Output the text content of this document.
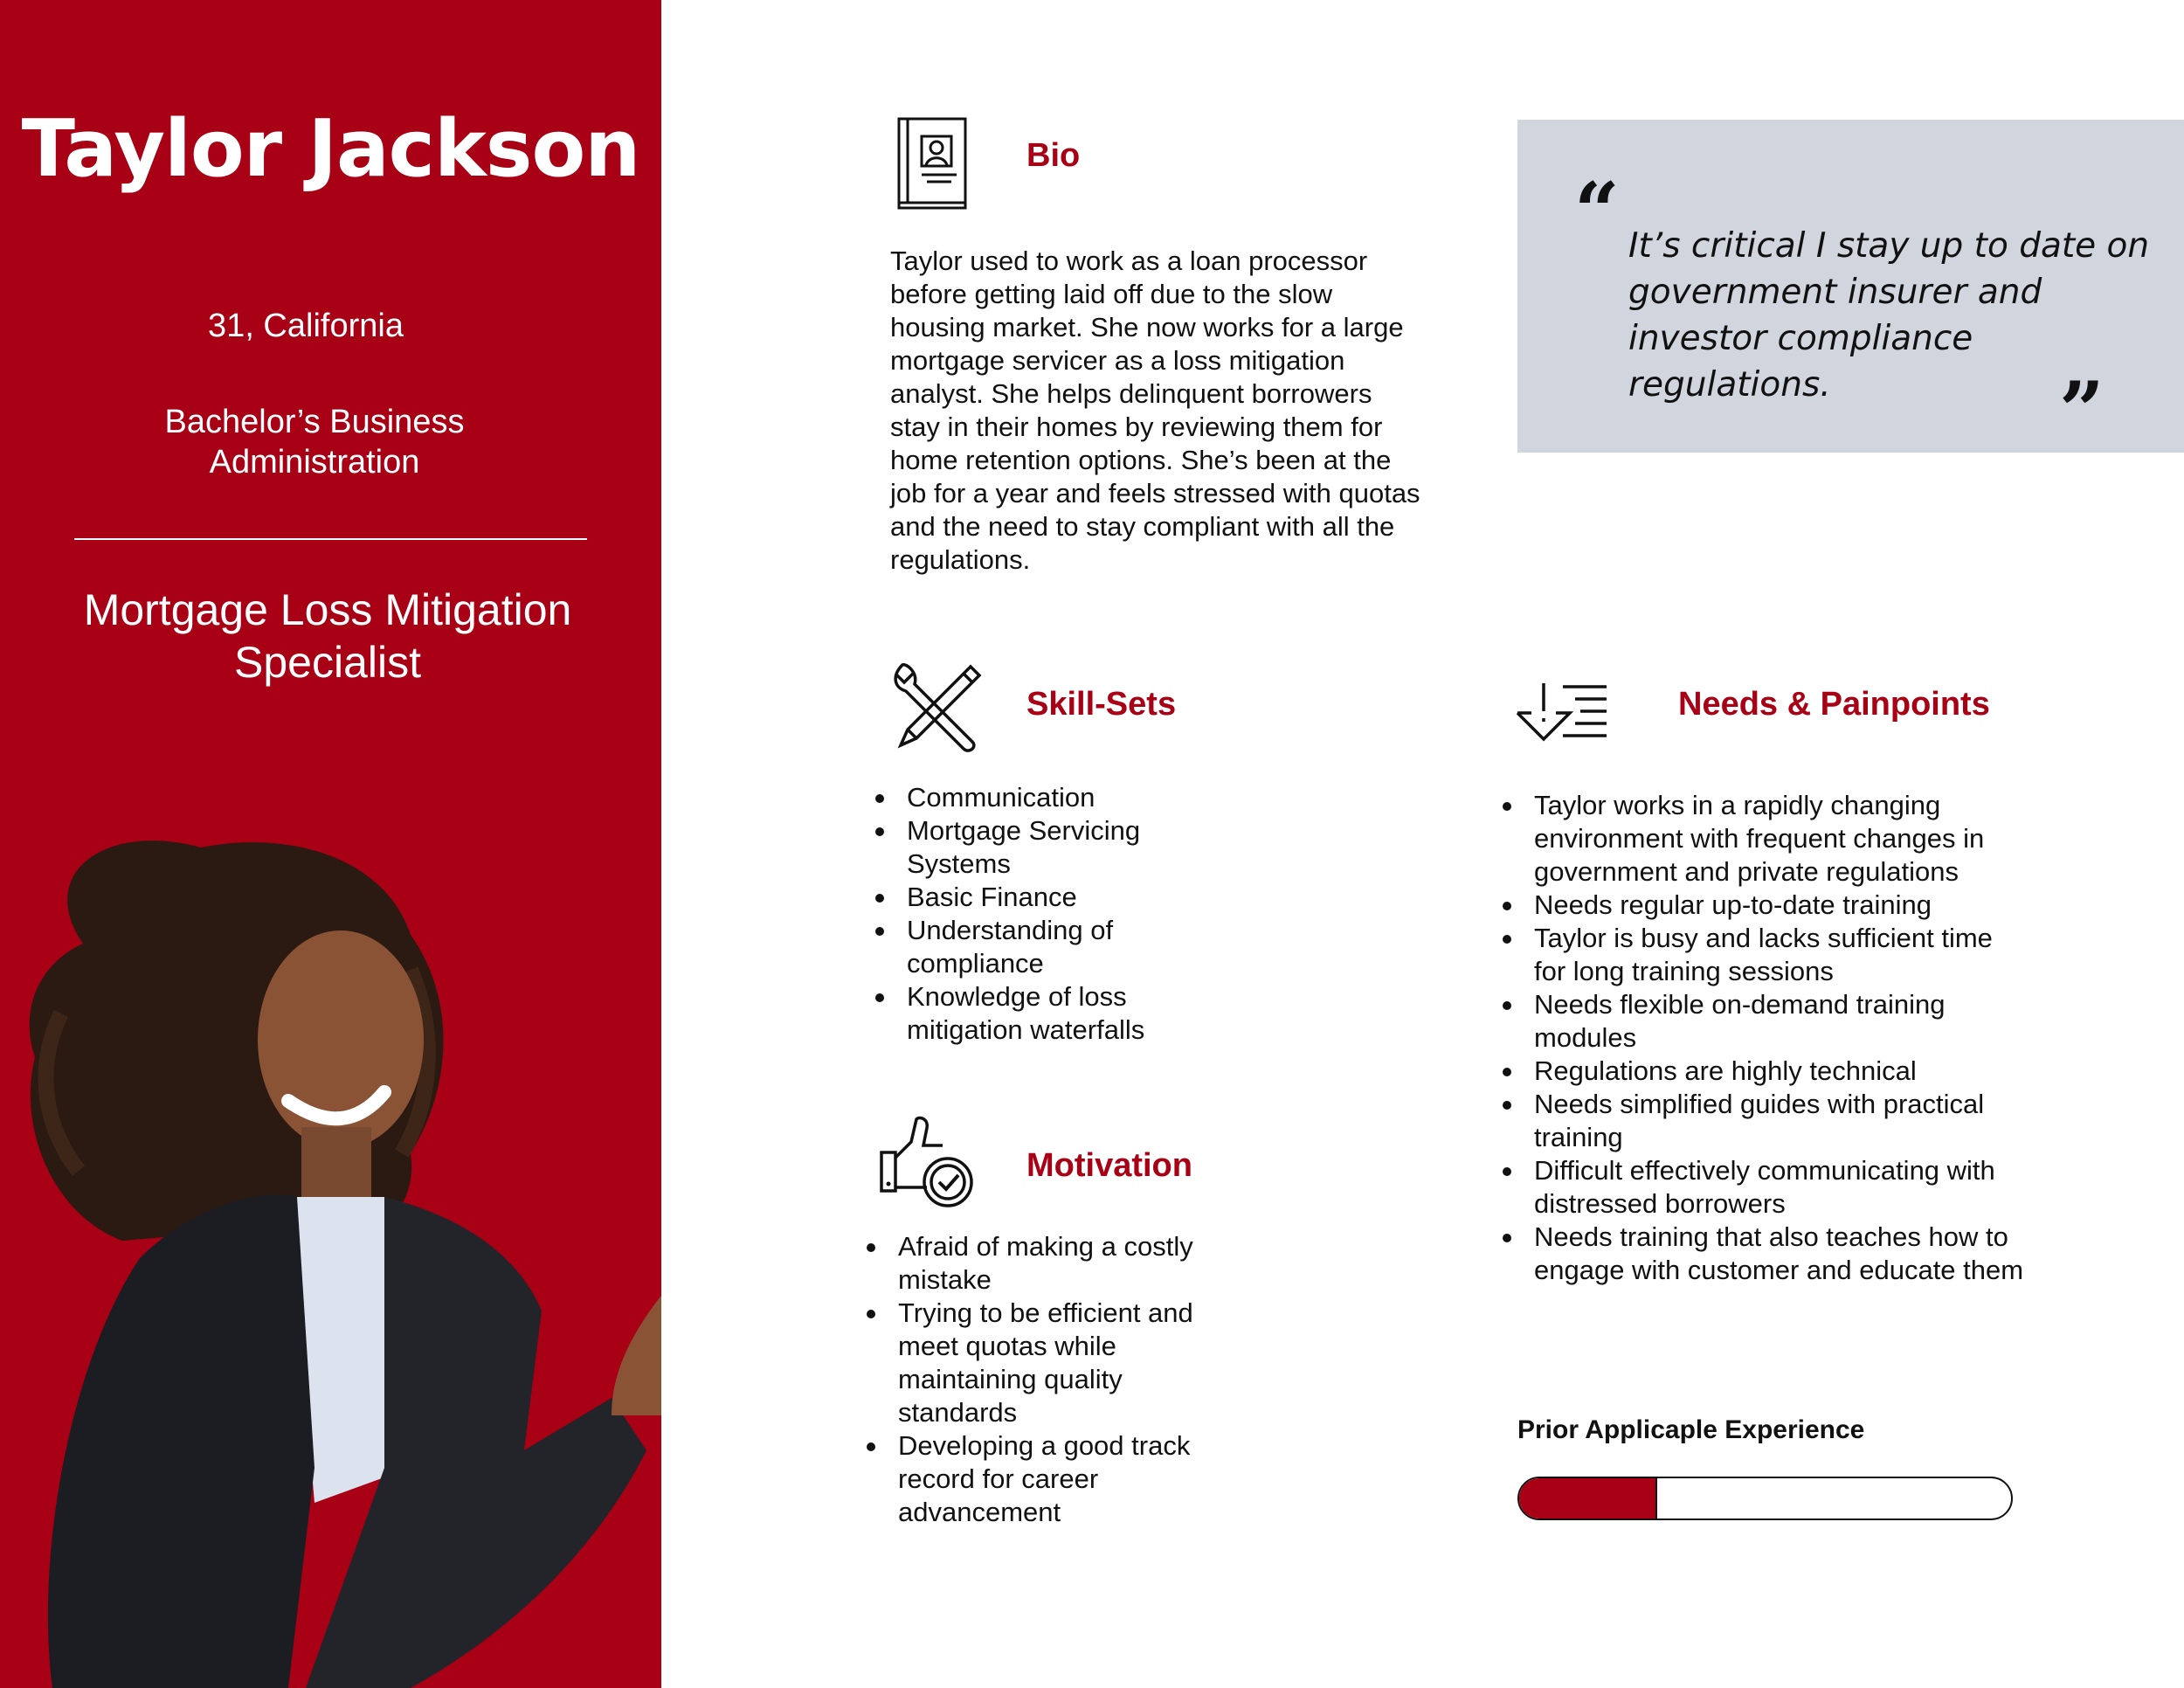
Taylor Jackson
31, California
Bachelor’s Business Administration
Mortgage Loss Mitigation Specialist
Bio
Taylor used to work as a loan processor before getting laid off due to the slow housing market. She now works for a large mortgage servicer as a loss mitigation analyst. She helps delinquent borrowers stay in their homes by reviewing them for home retention options. She’s been at the job for a year and feels stressed with quotas and the need to stay compliant with all the regulations.
“ It’s critical I stay up to date on government insurer and investor compliance regulations.	”
Skill-Sets
Communication
Mortgage Servicing Systems
Basic Finance
Understanding of compliance
Knowledge of loss mitigation waterfalls
Needs & Painpoints
Taylor works in a rapidly changing environment with frequent changes in government and private regulations
Needs regular up-to-date training
Taylor is busy and lacks sufficient time for long training sessions
Needs flexible on-demand training modules
Regulations are highly technical
Needs simplified guides with practical training
Difficult effectively communicating with distressed borrowers
Needs training that also teaches how to engage with customer and educate them
Motivation
Afraid of making a costly mistake
Trying to be efficient and meet quotas while maintaining quality standards
Developing a good track record for career advancement
Prior Applicaple Experience
